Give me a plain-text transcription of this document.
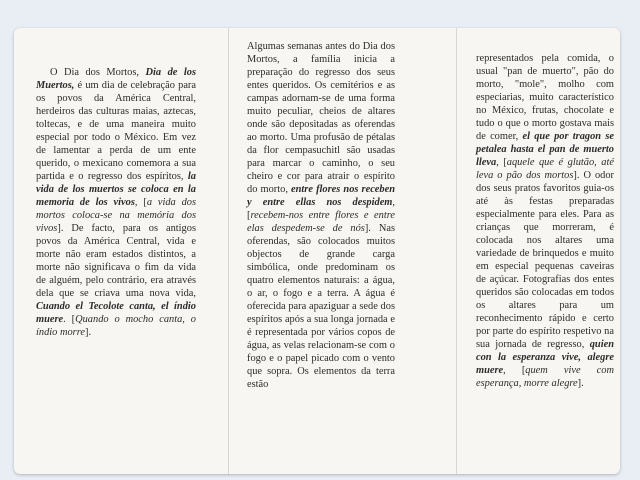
O Dia dos Mortos, Dia de los Muertos, é um dia de celebração para os povos da América Central, herdeiros das culturas maias, aztecas, toltecas, e de uma maneira muito especial por todo o México. Em vez de lamentar a perda de um ente querido, o mexicano comemora a sua partida e o regresso dos espíritos, la vida de los muertos se coloca en la memoria de los vivos, [a vida dos mortos coloca-se na memória dos vivos]. De facto, para os antigos povos da América Central, vida e morte não eram estados distintos, a morte não significava o fim da vida de alguém, pelo contrário, era através dela que se criava uma nova vida, Cuando el Tecolote canta, el índio muere. [Quando o mocho canta, o índio morre].

Algumas semanas antes do Dia dos Mortos, a família inicia a preparação do regresso dos seus entes queridos. Os cemitérios e as campas adornam-se de uma forma muito peculiar, cheios de altares onde são depositadas as oferendas ao morto. Uma profusão de pétalas da flor cempasuchitl são usadas para marcar o caminho, o seu cheiro e cor para atrair o espírito do morto, entre flores nos receben y entre ellas nos despidem, [recebem-nos entre flores e entre elas despedem-se de nós]. Nas oferendas, são colocados muitos objectos de grande carga simbólica, onde predominam os quatro elementos naturais: a água, o ar, o fogo e a terra. A água é oferecida para apaziguar a sede dos espíritos após a sua longa jornada e é representada por vários copos de água, as velas relacionam-se com o fogo e o papel picado com o vento que sopra. Os elementos da terra estão

representados pela comida, o usual "pan de muerto", pão do morto, "mole", molho com especiarias, muito característico no México, frutas, chocolate e tudo o que o morto gostava mais de comer, el que por tragon se petalea hasta el pan de muerto lleva, [aquele que é glutão, até leva o pão dos mortos]. O odor dos seus pratos favoritos guia-os até às festas preparadas especialmente para eles. Para as crianças que morreram, é colocada nos altares uma variedade de brinquedos e muito em especial pequenas caveiras de açúcar. Fotografias dos entes queridos são colocadas em todos os altares para um reconhecimento rápido e certo por parte do espírito respetivo na sua jornada de regresso, quien con la esperanza vive, alegre muere, [quem vive com esperança, morre alegre].
